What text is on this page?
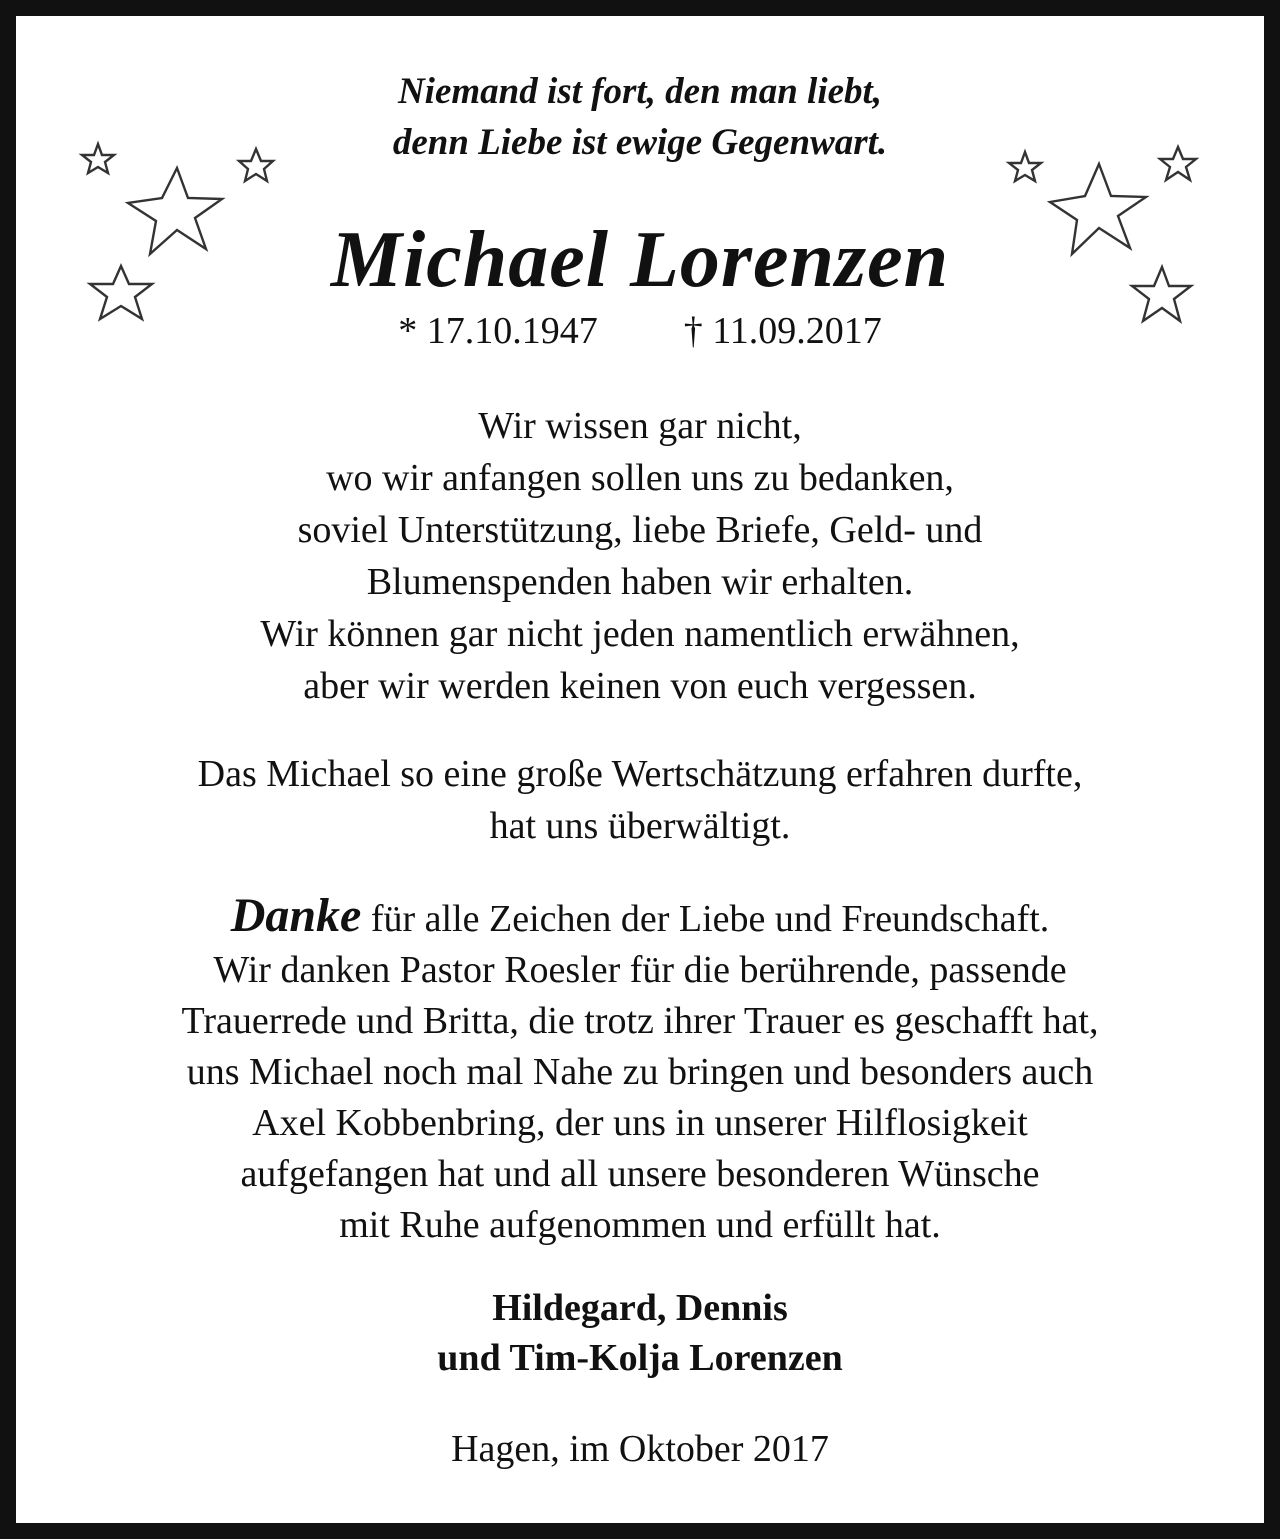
Niemand ist fort, den man liebt,
denn Liebe ist ewige Gegenwart.
Michael Lorenzen
* 17.10.1947 † 11.09.2017
Wir wissen gar nicht,
wo wir anfangen sollen uns zu bedanken,
soviel Unterstützung, liebe Briefe, Geld- und
Blumenspenden haben wir erhalten.
Wir können gar nicht jeden namentlich erwähnen,
aber wir werden keinen von euch vergessen.
Das Michael so eine große Wertschätzung erfahren durfte,
hat uns überwältigt.
Danke für alle Zeichen der Liebe und Freundschaft.
Wir danken Pastor Roesler für die berührende, passende
Trauerrede und Britta, die trotz ihrer Trauer es geschafft hat,
uns Michael noch mal Nahe zu bringen und besonders auch
Axel Kobbenbring, der uns in unserer Hilflosigkeit
aufgefangen hat und all unsere besonderen Wünsche
mit Ruhe aufgenommen und erfüllt hat.
Hildegard, Dennis
und Tim-Kolja Lorenzen
Hagen, im Oktober 2017
